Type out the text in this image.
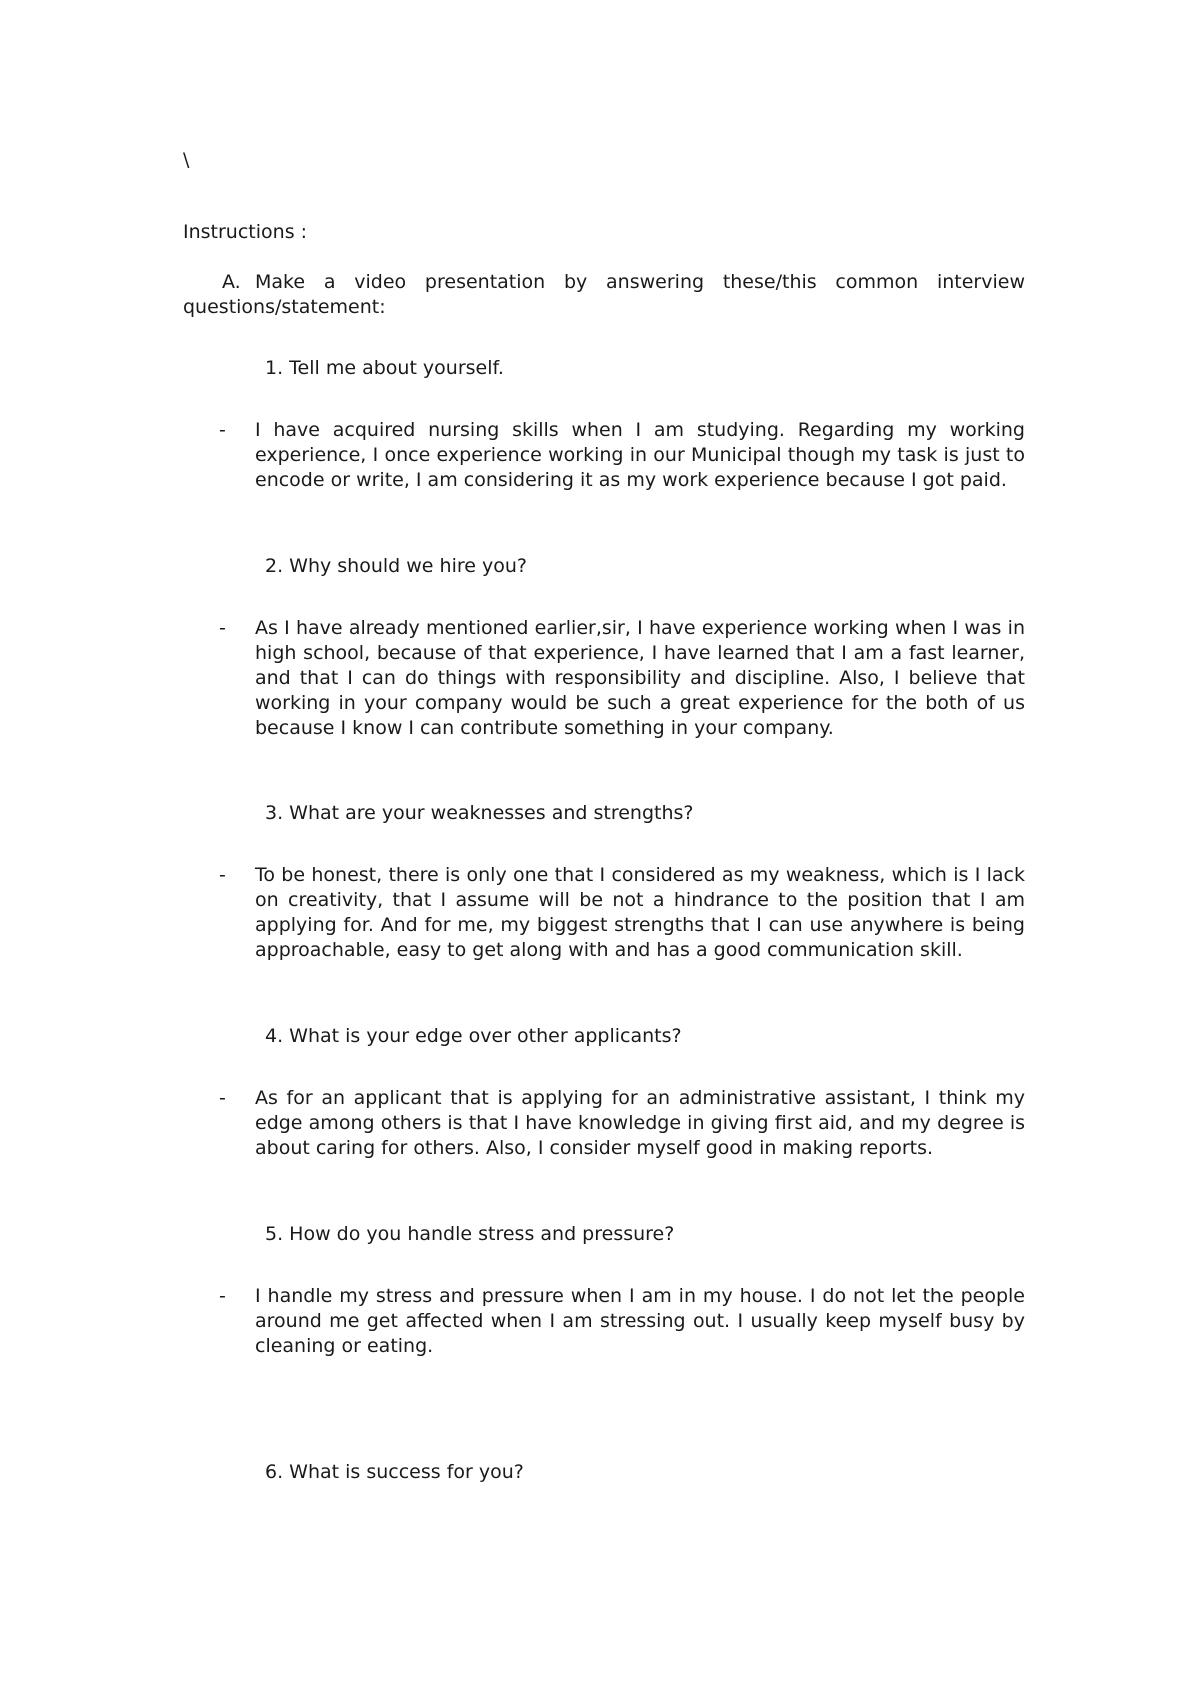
\
Instructions :
A. Make a video presentation by answering these/this common interview questions/statement:
1. Tell me about yourself.
- I have acquired nursing skills when I am studying. Regarding my working experience, I once experience working in our Municipal though my task is just to encode or write, I am considering it as my work experience because I got paid.
2. Why should we hire you?
- As I have already mentioned earlier,sir, I have experience working when I was in high school, because of that experience, I have learned that I am a fast learner, and that I can do things with responsibility and discipline. Also, I believe that working in your company would be such a great experience for the both of us because I know I can contribute something in your company.
3. What are your weaknesses and strengths?
- To be honest, there is only one that I considered as my weakness, which is I lack on creativity, that I assume will be not a hindrance to the position that I am applying for. And for me, my biggest strengths that I can use anywhere is being approachable, easy to get along with and has a good communication skill.
4. What is your edge over other applicants?
- As for an applicant that is applying for an administrative assistant, I think my edge among others is that I have knowledge in giving first aid, and my degree is about caring for others. Also, I consider myself good in making reports.
5. How do you handle stress and pressure?
- I handle my stress and pressure when I am in my house. I do not let the people around me get affected when I am stressing out. I usually keep myself busy by cleaning or eating.
6. What is success for you?
